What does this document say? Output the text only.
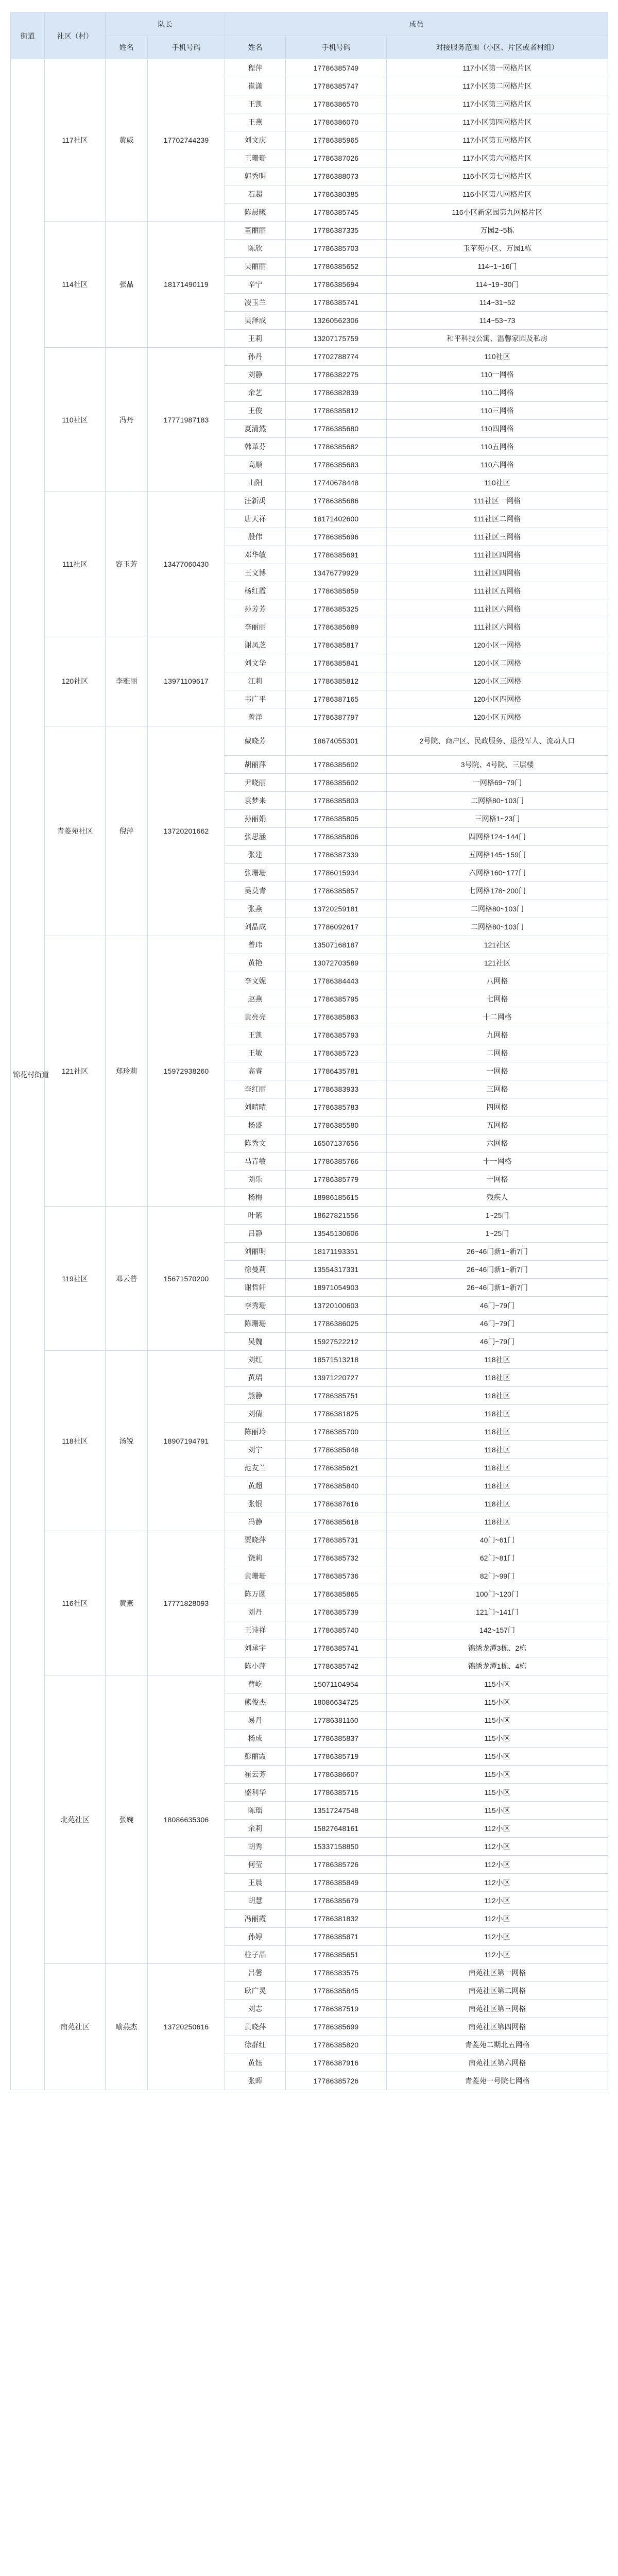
街道	社区（村）	队长		成员		
		姓名	手机号码	姓名	手机号码	对接服务范围（小区、片区或者村组）
锦花村街道	117社区	黄威	17702744239	程萍	17786385749	117小区第一网格片区
				崔潇	17786385747	117小区第二网格片区
				王凯	17786386570	117小区第三网格片区
				王燕	17786386070	117小区第四网格片区
				刘文庆	17786385965	117小区第五网格片区
				王珊珊	17786387026	117小区第六网格片区
				郭秀明	17786388073	116小区第七网格片区
				石超	17786380385	116小区第八网格片区
				陈晨曦	17786385745	116小区新家园第九网格片区
	114社区	张晶	18171490119	董丽丽	17786387335	万园2~5栋
				陈欣	17786385703	玉苹苑小区、万园1栋
				吴丽丽	17786385652	114~1~16门
				辛宁	17786385694	114~19~30门
				凌玉兰	17786385741	114~31~52
				吴泽成	13260562306	114~53~73
				王莉	13207175759	和平科技公寓、温馨家园及私房
	110社区	冯丹	17771987183	孙丹	17702788774	110社区
				刘静	17786382275	110一网格
				余艺	17786382839	110二网格
				王俊	17786385812	110三网格
				夏清然	17786385680	110四网格
				韩革芬	17786385682	110五网格
				高顺	17786385683	110六网格
				山阳	17740678448	110社区
	111社区	容玉芳	13477060430	汪新禹	17786385686	111社区一网格
				唐天祥	18171402600	111社区二网格
				殷伟	17786385696	111社区三网格
				邓华敏	17786385691	111社区四网格
				王文博	13476779929	111社区四网格
				杨红霞	17786385859	111社区五网格
				孙芳芳	17786385325	111社区六网格
				李丽丽	17786385689	111社区六网格
	120社区	李雅丽	13971109617	谢凤芝	17786385817	120小区一网格
				刘文华	17786385841	120小区二网格
				江莉	17786385812	120小区三网格
				韦广平	17786387165	120小区四网格
				曾洋	17786387797	120小区五网格
	青菱苑社区	倪萍	13720201662	戴晓芳	18674055301	2号院、商户区、民政服务、退役军人、流动人口
				胡丽萍	17786385602	3号院、4号院、三层楼
				尹晓丽	17786385602	一网格69~79门
				袁梦来	17786385803	二网格80~103门
				孙丽娟	17786385805	三网格1~23门
				张思涵	17786385806	四网格124~144门
				张建	17786387339	五网格145~159门
				张珊珊	17786015934	六网格160~177门
				吴莫青	17786385857	七网格178~200门
				张燕	13720259181	二网格80~103门
				刘晶成	17786092617	二网格80~103门
	121社区	郑玲莉	15972938260	曾玮	13507168187	121社区
				黄艳	13072703589	121社区
				李文妮	17786384443	八网格
				赵燕	17786385795	七网格
				黄亮亮	17786385863	十二网格
				王凯	17786385793	九网格
				王敏	17786385723	二网格
				高睿	17786435781	一网格
				李红丽	17786383933	三网格
				刘晴晴	17786385783	四网格
				杨盛	17786385580	五网格
				陈秀文	16507137656	六网格
				马青敏	17786385766	十一网格
				刘乐	17786385779	十网格
				杨梅	18986185615	残疾人
	119社区	邓云普	15671570200	叶紫	18627821556	1~25门
				吕静	13545130606	1~25门
				刘丽明	18171193351	26~46门新1~新7门
				徐曼莉	13554317331	26~46门新1~新7门
				谢哲轩	18971054903	26~46门新1~新7门
				李秀珊	13720100603	46门~79门
				陈珊珊	17786386025	46门~79门
				吴魏	15927522212	46门~79门
	118社区	汤锐	18907194791	刘红	18571513218	118社区
				黄珺	13971220727	118社区
				熊静	17786385751	118社区
				刘倩	17786381825	118社区
				陈丽玲	17786385700	118社区
				刘宁	17786385848	118社区
				范友兰	17786385621	118社区
				黄超	17786385840	118社区
				张银	17786387616	118社区
				冯静	17786385618	118社区
	116社区	黄燕	17771828093	贾晓萍	17786385731	40门~61门
				饶莉	17786385732	62门~81门
				黄珊珊	17786385736	82门~99门
				陈万圆	17786385865	100门~120门
				刘丹	17786385739	121门~141门
				王诗祥	17786385740	142~157门
				刘承宇	17786385741	锦绣龙潭3栋、2栋
				陈小萍	17786385742	锦绣龙潭1栋、4栋
	北苑社区	张婉	18086635306	曹屹	15071104954	115小区
				熊俊杰	18086634725	115小区
				易丹	17786381160	115小区
				杨成	17786385837	115小区
				彭丽霞	17786385719	115小区
				崔云芳	17786386607	115小区
				盛利华	17786385715	115小区
				陈瑶	13517247548	115小区
				余莉	15827648161	112小区
				胡秀	15337158850	112小区
				何莹	17786385726	112小区
				王晨	17786385849	112小区
				胡慧	17786385679	112小区
				冯丽霞	17786381832	112小区
				孙婷	17786385871	112小区
				柱子晶	17786385651	112小区
	南苑社区	喻燕杰	13720250616	吕馨	17786383575	南苑社区第一网格
				耿广灵	17786385845	南苑社区第二网格
				刘志	17786387519	南苑社区第三网格
				黄晓萍	17786385699	南苑社区第四网格
				徐群红	17786385820	青菱苑二期北五网格
				黄钰	17786387916	南苑社区第六网格
				张晖	17786385726	青菱苑一号院七网格
